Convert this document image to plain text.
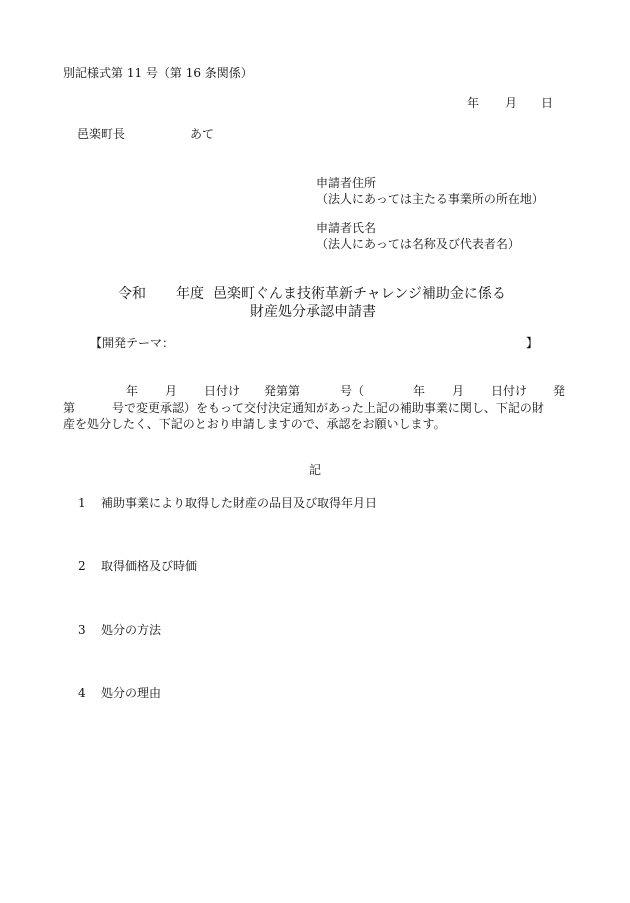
別記様式第 11 号（第 16 条関係）
年 月 日
邑楽町長	あて
申請者住所
（法人にあっては主たる事業所の所在地）
申請者氏名
（法人にあっては名称及び代表者名）
令和 年度 邑楽町ぐんま技術革新チャレンジ補助金に係る
財産処分承認申請書
【開発テーマ：	】
年 月 日付け 発第第	号（	年 月 日付け 発
第	号で変更承認）をもって交付決定通知があった上記の補助事業に関し、下記の財
産を処分したく、下記のとおり申請しますので、承認をお願いします。
記
1 補助事業により取得した財産の品目及び取得年月日
2 取得価格及び時価
3 処分の方法
4 処分の理由
